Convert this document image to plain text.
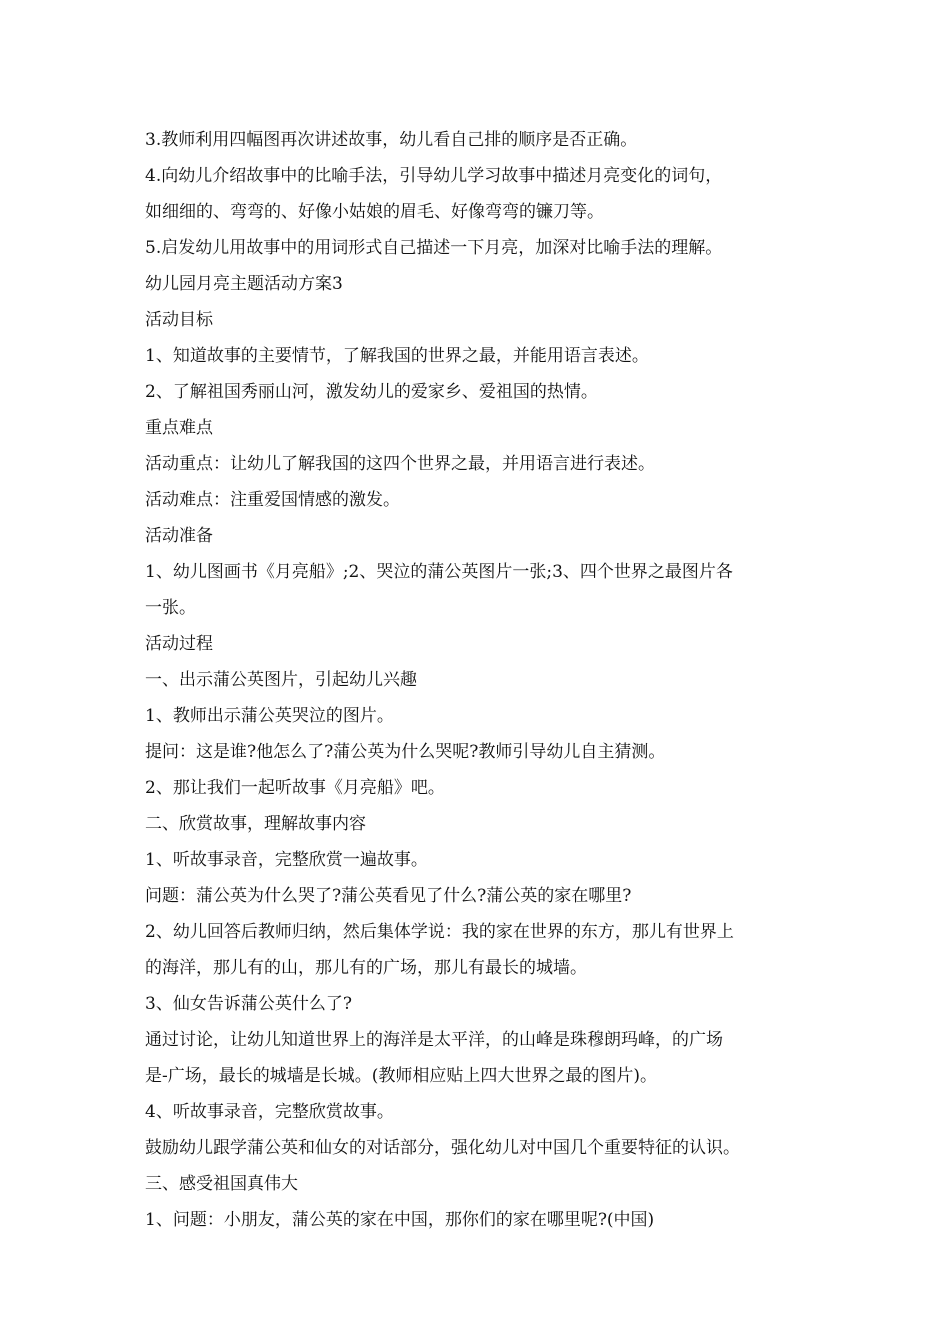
3.教师利用四幅图再次讲述故事，幼儿看自己排的顺序是否正确。

4.向幼儿介绍故事中的比喻手法，引导幼儿学习故事中描述月亮变化的词句，

如细细的、弯弯的、好像小姑娘的眉毛、好像弯弯的镰刀等。

5.启发幼儿用故事中的用词形式自己描述一下月亮，加深对比喻手法的理解。

幼儿园月亮主题活动方案3

活动目标

1、知道故事的主要情节，了解我国的世界之最，并能用语言表述。

2、了解祖国秀丽山河，激发幼儿的爱家乡、爱祖国的热情。

重点难点

活动重点：让幼儿了解我国的这四个世界之最，并用语言进行表述。

活动难点：注重爱国情感的激发。

活动准备

1、幼儿图画书《月亮船》;2、哭泣的蒲公英图片一张;3、四个世界之最图片各

一张。

活动过程

一、出示蒲公英图片，引起幼儿兴趣

1、教师出示蒲公英哭泣的图片。

提问：这是谁?他怎么了?蒲公英为什么哭呢?教师引导幼儿自主猜测。

2、那让我们一起听故事《月亮船》吧。

二、欣赏故事，理解故事内容

1、听故事录音，完整欣赏一遍故事。

问题：蒲公英为什么哭了?蒲公英看见了什么?蒲公英的家在哪里?

2、幼儿回答后教师归纳，然后集体学说：我的家在世界的东方，那儿有世界上

的海洋，那儿有的山，那儿有的广场，那儿有最长的城墙。

3、仙女告诉蒲公英什么了?

通过讨论，让幼儿知道世界上的海洋是太平洋，的山峰是珠穆朗玛峰，的广场

是-广场，最长的城墙是长城。(教师相应贴上四大世界之最的图片)。

4、听故事录音，完整欣赏故事。

鼓励幼儿跟学蒲公英和仙女的对话部分，强化幼儿对中国几个重要特征的认识。

三、感受祖国真伟大

1、问题：小朋友，蒲公英的家在中国，那你们的家在哪里呢?(中国)
